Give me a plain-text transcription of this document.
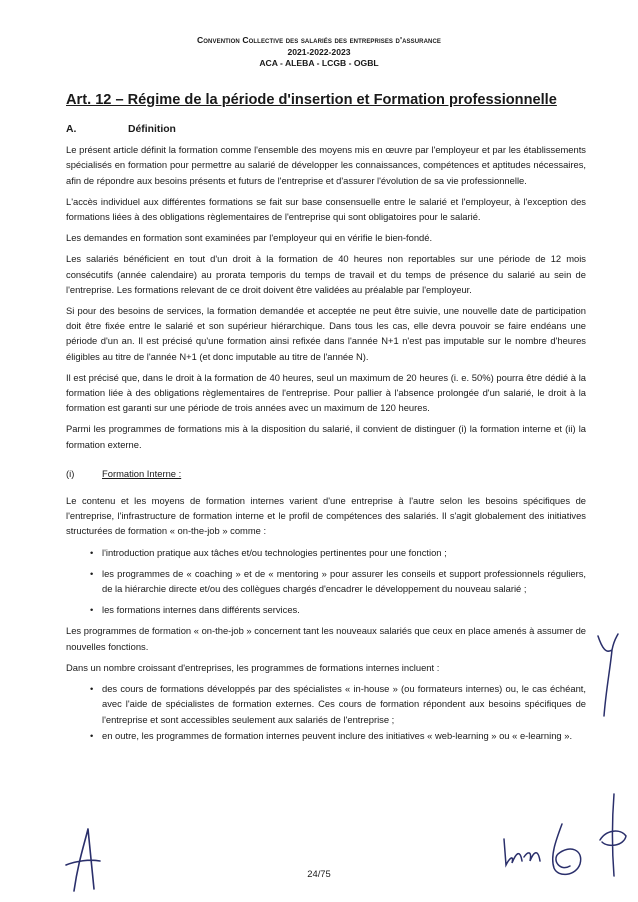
Convention Collective des salariés des entreprises d'assurance
2021-2022-2023
ACA - ALEBA - LCGB - OGBL
Art. 12 – Régime de la période d'insertion et Formation professionnelle
A.	Définition

Le présent article définit la formation comme l'ensemble des moyens mis en œuvre par l'employeur et par les établissements spécialisés en formation pour permettre au salarié de développer les connaissances, compétences et aptitudes nécessaires, afin de répondre aux besoins présents et futurs de l'entreprise et d'assurer l'évolution de sa vie professionnelle.

L'accès individuel aux différentes formations se fait sur base consensuelle entre le salarié et l'employeur, à l'exception des formations liées à des obligations règlementaires de l'entreprise qui sont obligatoires pour le salarié.

Les demandes en formation sont examinées par l'employeur qui en vérifie le bien-fondé.

Les salariés bénéficient en tout d'un droit à la formation de 40 heures non reportables sur une période de 12 mois consécutifs (année calendaire) au prorata temporis du temps de travail et du temps de présence du salarié au sein de l'entreprise. Les formations relevant de ce droit doivent être validées au préalable par l'employeur.

Si pour des besoins de services, la formation demandée et acceptée ne peut être suivie, une nouvelle date de participation doit être fixée entre le salarié et son supérieur hiérarchique. Dans tous les cas, elle devra pouvoir se faire endéans une période d'un an. Il est précisé qu'une formation ainsi refixée dans l'année N+1 n'est pas imputable sur le nombre d'heures éligibles au titre de l'année N+1 (et donc imputable au titre de l'année N).

Il est précisé que, dans le droit à la formation de 40 heures, seul un maximum de 20 heures (i. e. 50%) pourra être dédié à la formation liée à des obligations règlementaires de l'entreprise. Pour pallier à l'absence prolongée d'un salarié, le droit à la formation est garanti sur une période de trois années avec un maximum de 120 heures.

Parmi les programmes de formations mis à la disposition du salarié, il convient de distinguer (i) la formation interne et (ii) la formation externe.

(i)	Formation Interne :

Le contenu et les moyens de formation internes varient d'une entreprise à l'autre selon les besoins spécifiques de l'entreprise, l'infrastructure de formation interne et le profil de compétences des salariés. Il s'agit globalement des initiatives structurées de formation « on-the-job » comme :

• l'introduction pratique aux tâches et/ou technologies pertinentes pour une fonction ;
• les programmes de « coaching » et de « mentoring » pour assurer les conseils et support professionnels réguliers, de la hiérarchie directe et/ou des collègues chargés d'encadrer le développement du nouveau salarié ;
• les formations internes dans différents services.

Les programmes de formation « on-the-job » concernent tant les nouveaux salariés que ceux en place amenés à assumer de nouvelles fonctions.

Dans un nombre croissant d'entreprises, les programmes de formations internes incluent :

• des cours de formations développés par des spécialistes « in-house » (ou formateurs internes) ou, le cas échéant, avec l'aide de spécialistes de formation externes. Ces cours de formation répondent aux besoins spécifiques de l'entreprise et sont accessibles seulement aux salariés de l'entreprise ;
• en outre, les programmes de formation internes peuvent inclure des initiatives « web-learning » ou « e-learning ».
24/75
